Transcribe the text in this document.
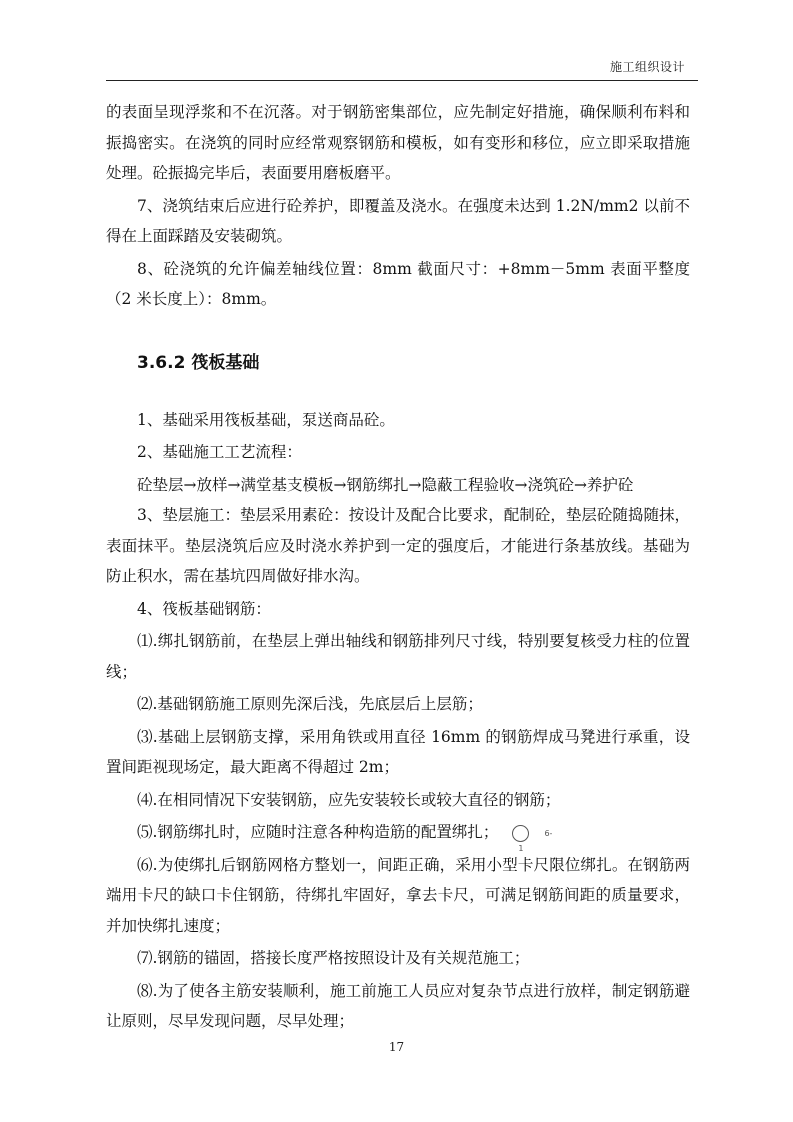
施工组织设计

的表面呈现浮浆和不在沉落。对于钢筋密集部位，应先制定好措施，确保顺利布料和振捣密实。在浇筑的同时应经常观察钢筋和模板，如有变形和移位，应立即采取措施处理。砼振捣完毕后，表面要用磨板磨平。

7、浇筑结束后应进行砼养护，即覆盖及浇水。在强度未达到 1.2N/mm2 以前不得在上面踩踏及安装砌筑。

8、砼浇筑的允许偏差轴线位置：8mm 截面尺寸：+8mm－5mm 表面平整度（2 米长度上）：8mm。

3.6.2 筏板基础

1、基础采用筏板基础，泵送商品砼。

2、基础施工工艺流程：

砼垫层→放样→满堂基支模板→钢筋绑扎→隐蔽工程验收→浇筑砼→养护砼

3、垫层施工：垫层采用素砼：按设计及配合比要求，配制砼，垫层砼随捣随抹，表面抹平。垫层浇筑后应及时浇水养护到一定的强度后，才能进行条基放线。基础为防止积水，需在基坑四周做好排水沟。

4、筏板基础钢筋：

⑴.绑扎钢筋前，在垫层上弹出轴线和钢筋排列尺寸线，特别要复核受力柱的位置线；

⑵.基础钢筋施工原则先深后浅，先底层后上层筋；

⑶.基础上层钢筋支撑，采用角铁或用直径 16mm 的钢筋焊成马凳进行承重，设置间距视现场定，最大距离不得超过 2m；

⑷.在相同情况下安装钢筋，应先安装较长或较大直径的钢筋；

⑸.钢筋绑扎时，应随时注意各种构造筋的配置绑扎；	6-1

⑹.为使绑扎后钢筋网格方整划一，间距正确，采用小型卡尺限位绑扎。在钢筋两端用卡尺的缺口卡住钢筋，待绑扎牢固好，拿去卡尺，可满足钢筋间距的质量要求，并加快绑扎速度；

⑺.钢筋的锚固，搭接长度严格按照设计及有关规范施工；

⑻.为了使各主筋安装顺利，施工前施工人员应对复杂节点进行放样，制定钢筋避让原则，尽早发现问题，尽早处理；

17
